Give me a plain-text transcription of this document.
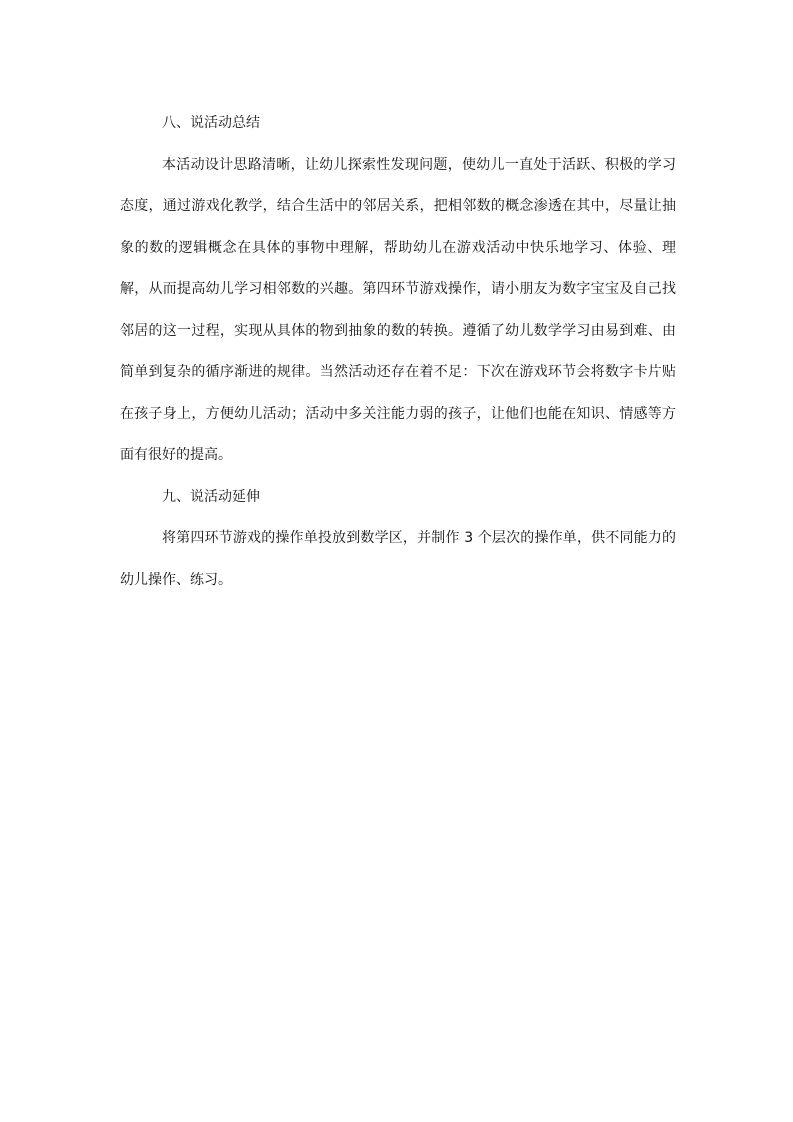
八、说活动总结

本活动设计思路清晰，让幼儿探索性发现问题，使幼儿一直处于活跃、积极的学习态度，通过游戏化教学，结合生活中的邻居关系，把相邻数的概念渗透在其中，尽量让抽象的数的逻辑概念在具体的事物中理解，帮助幼儿在游戏活动中快乐地学习、体验、理解，从而提高幼儿学习相邻数的兴趣。第四环节游戏操作，请小朋友为数字宝宝及自己找邻居的这一过程，实现从具体的物到抽象的数的转换。遵循了幼儿数学学习由易到难、由简单到复杂的循序渐进的规律。当然活动还存在着不足：下次在游戏环节会将数字卡片贴在孩子身上，方便幼儿活动；活动中多关注能力弱的孩子，让他们也能在知识、情感等方面有很好的提高。

九、说活动延伸

将第四环节游戏的操作单投放到数学区，并制作 3 个层次的操作单，供不同能力的幼儿操作、练习。
